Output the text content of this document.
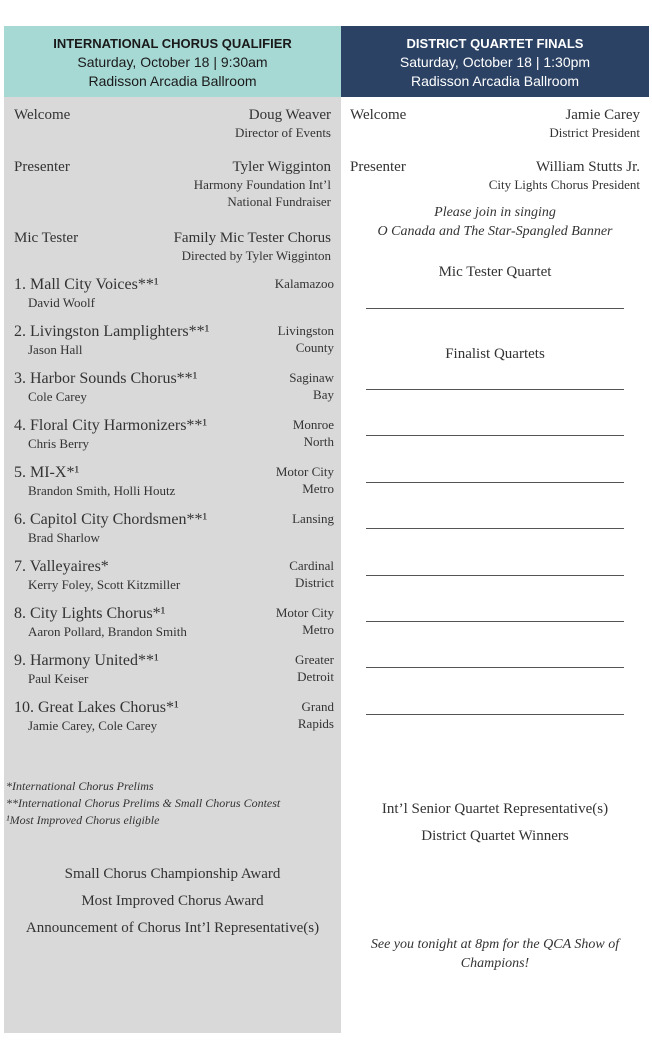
INTERNATIONAL CHORUS QUALIFIER
Saturday, October 18 | 9:30am
Radisson Arcadia Ballroom
Welcome	Doug Weaver
Director of Events
Presenter	Tyler Wigginton
Harmony Foundation Int’l
National Fundraiser
Mic Tester	Family Mic Tester Chorus
Directed by Tyler Wigginton
1. Mall City Voices**¹
David Woolf
Kalamazoo
2. Livingston Lamplighters**¹
Jason Hall
Livingston
County
3. Harbor Sounds Chorus**¹
Cole Carey
Saginaw
Bay
4. Floral City Harmonizers**¹
Chris Berry
Monroe
North
5. MI-X*¹
Brandon Smith, Holli Houtz
Motor City
Metro
6. Capitol City Chordsmen**¹
Brad Sharlow
Lansing
7. Valleyaires*
Kerry Foley, Scott Kitzmiller
Cardinal
District
8. City Lights Chorus*¹
Aaron Pollard, Brandon Smith
Motor City
Metro
9. Harmony United**¹
Paul Keiser
Greater
Detroit
10. Great Lakes Chorus*¹
Jamie Carey, Cole Carey
Grand
Rapids
*International Chorus Prelims
**International Chorus Prelims & Small Chorus Contest
¹Most Improved Chorus eligible
Small Chorus Championship Award
Most Improved Chorus Award
Announcement of Chorus Int’l Representative(s)
DISTRICT QUARTET FINALS
Saturday, October 18 | 1:30pm
Radisson Arcadia Ballroom
Welcome	Jamie Carey
District President
Presenter	William Stutts Jr.
City Lights Chorus President
Please join in singing
O Canada and The Star-Spangled Banner
Mic Tester Quartet
Finalist Quartets
Int’l Senior Quartet Representative(s)
District Quartet Winners
See you tonight at 8pm for the QCA Show of Champions!
